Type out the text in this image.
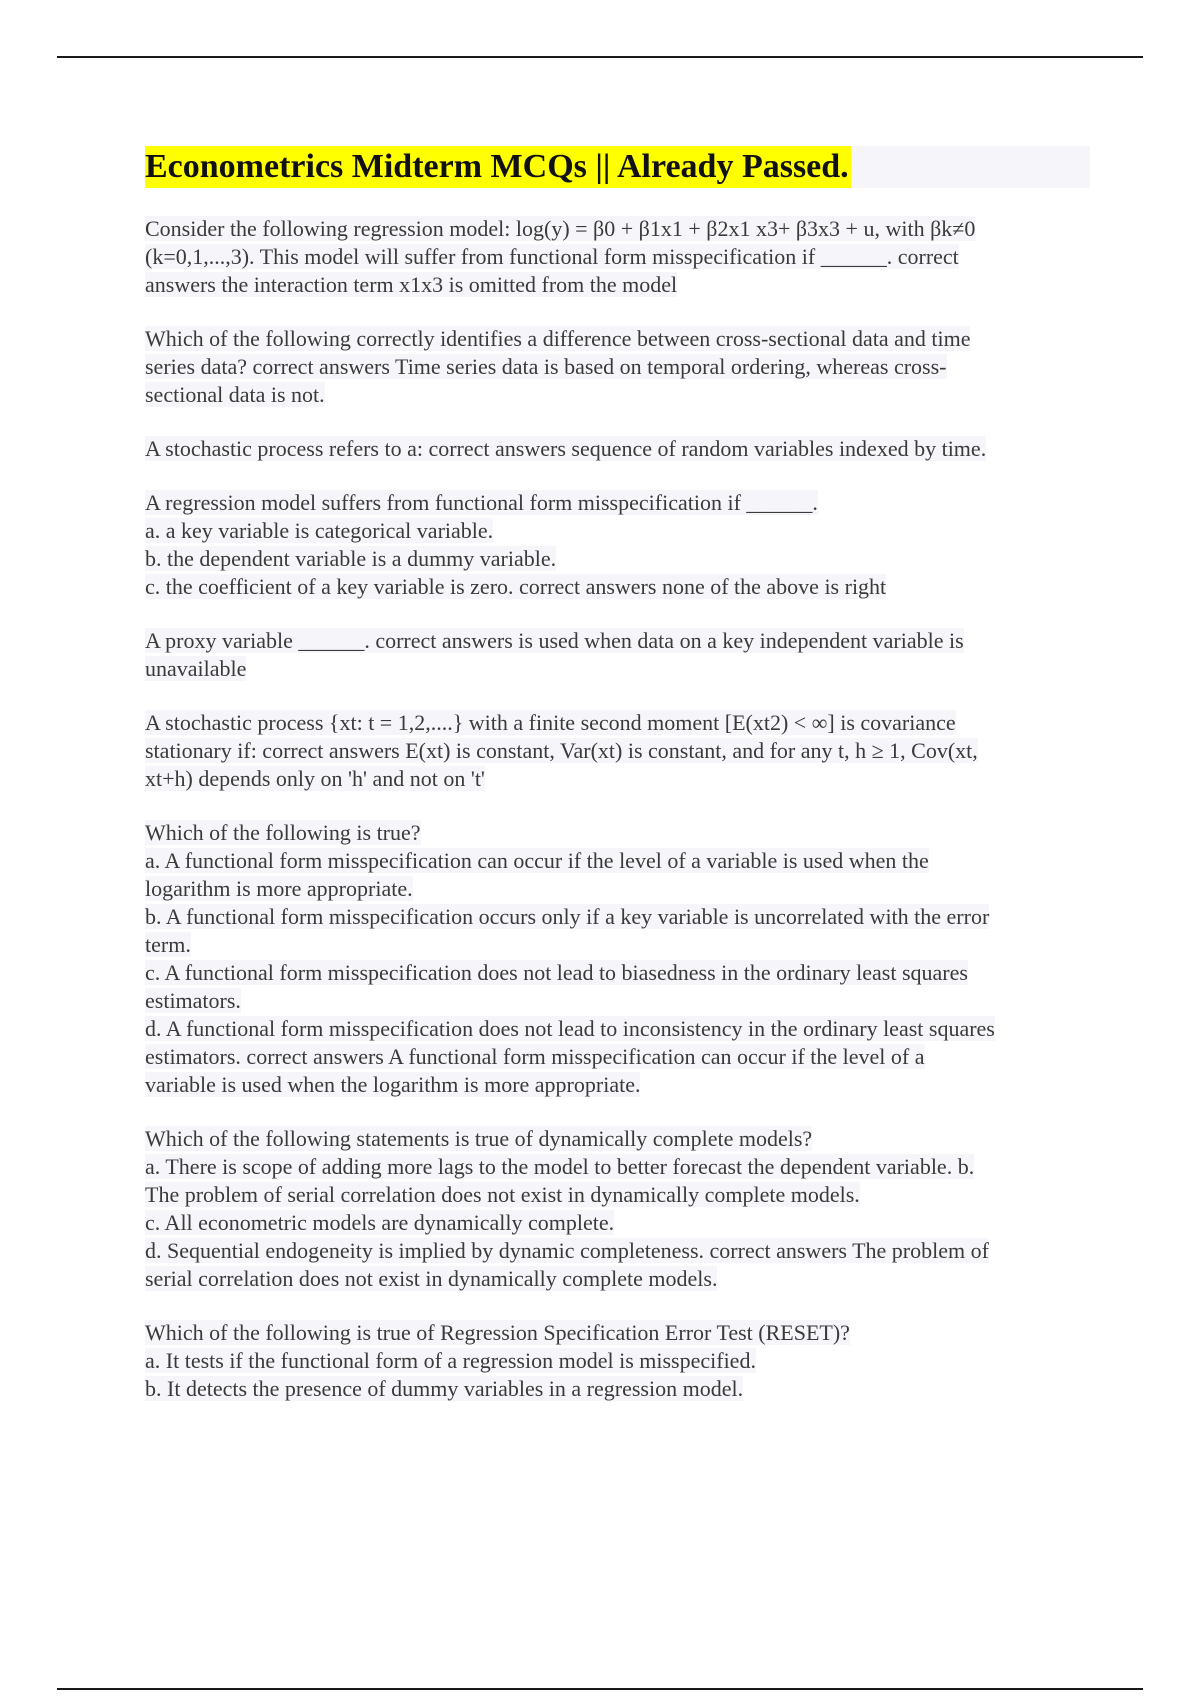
Econometrics Midterm MCQs || Already Passed.
Consider the following regression model: log(y) = β0 + β1x1 + β2x1 x3+ β3x3 + u, with βk≠0
(k=0,1,...,3). This model will suffer from functional form misspecification if ______. correct
answers the interaction term x1x3 is omitted from the model
Which of the following correctly identifies a difference between cross-sectional data and time
series data? correct answers Time series data is based on temporal ordering, whereas cross-
sectional data is not.
A stochastic process refers to a: correct answers sequence of random variables indexed by time.
A regression model suffers from functional form misspecification if ______.
a. a key variable is categorical variable.
b. the dependent variable is a dummy variable.
c. the coefficient of a key variable is zero. correct answers none of the above is right
A proxy variable ______. correct answers is used when data on a key independent variable is
unavailable
A stochastic process {xt: t = 1,2,....} with a finite second moment [E(xt2) < ∞] is covariance
stationary if: correct answers E(xt) is constant, Var(xt) is constant, and for any t, h ≥ 1, Cov(xt,
xt+h) depends only on 'h' and not on 't'
Which of the following is true?
a. A functional form misspecification can occur if the level of a variable is used when the
logarithm is more appropriate.
b. A functional form misspecification occurs only if a key variable is uncorrelated with the error
term.
c. A functional form misspecification does not lead to biasedness in the ordinary least squares
estimators.
d. A functional form misspecification does not lead to inconsistency in the ordinary least squares
estimators. correct answers A functional form misspecification can occur if the level of a
variable is used when the logarithm is more appropriate.
Which of the following statements is true of dynamically complete models?
a. There is scope of adding more lags to the model to better forecast the dependent variable. b.
The problem of serial correlation does not exist in dynamically complete models.
c. All econometric models are dynamically complete.
d. Sequential endogeneity is implied by dynamic completeness. correct answers The problem of
serial correlation does not exist in dynamically complete models.
Which of the following is true of Regression Specification Error Test (RESET)?
a. It tests if the functional form of a regression model is misspecified.
b. It detects the presence of dummy variables in a regression model.
